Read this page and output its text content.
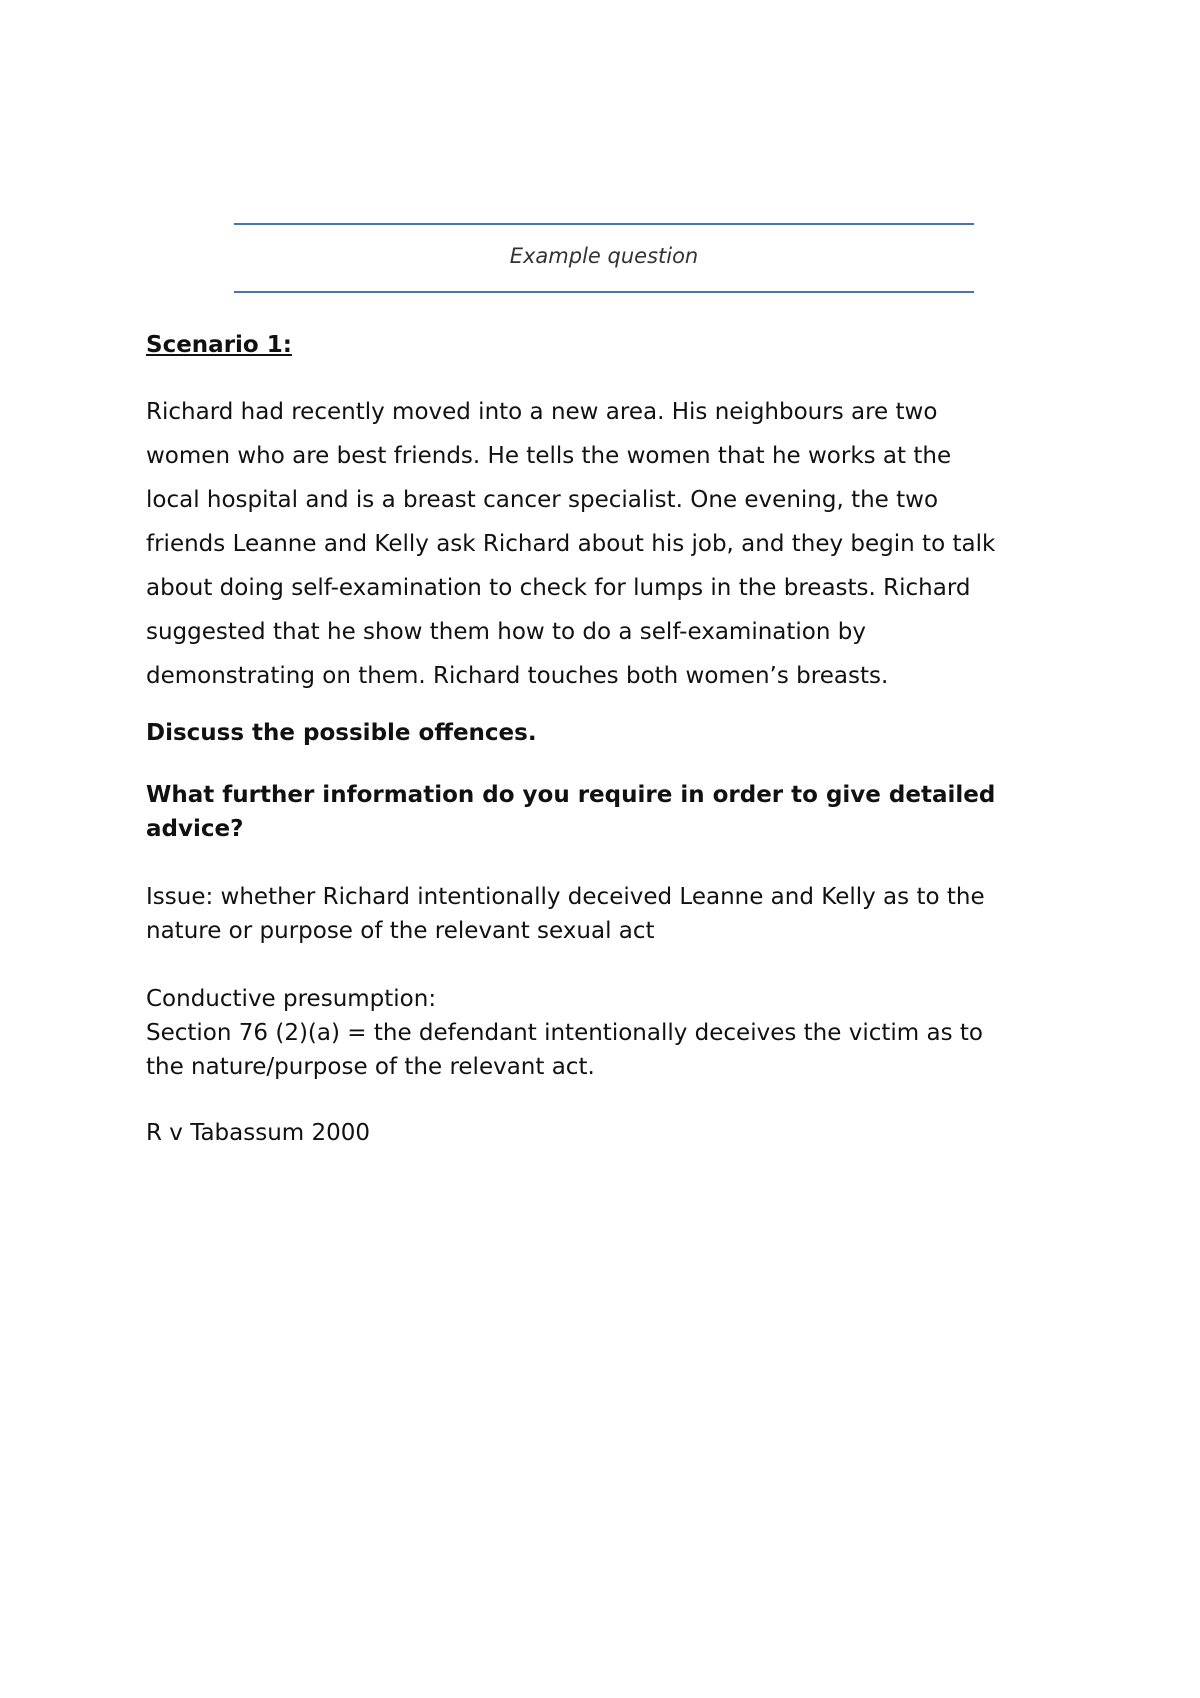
Example question
Scenario 1:
Richard had recently moved into a new area. His neighbours are two
women who are best friends. He tells the women that he works at the
local hospital and is a breast cancer specialist. One evening, the two
friends Leanne and Kelly ask Richard about his job, and they begin to talk
about doing self-examination to check for lumps in the breasts. Richard
suggested that he show them how to do a self-examination by
demonstrating on them. Richard touches both women’s breasts.
Discuss the possible offences.
What further information do you require in order to give detailed
advice?
Issue: whether Richard intentionally deceived Leanne and Kelly as to the
nature or purpose of the relevant sexual act
Conductive presumption:
Section 76 (2)(a) = the defendant intentionally deceives the victim as to
the nature/purpose of the relevant act.
R v Tabassum 2000
